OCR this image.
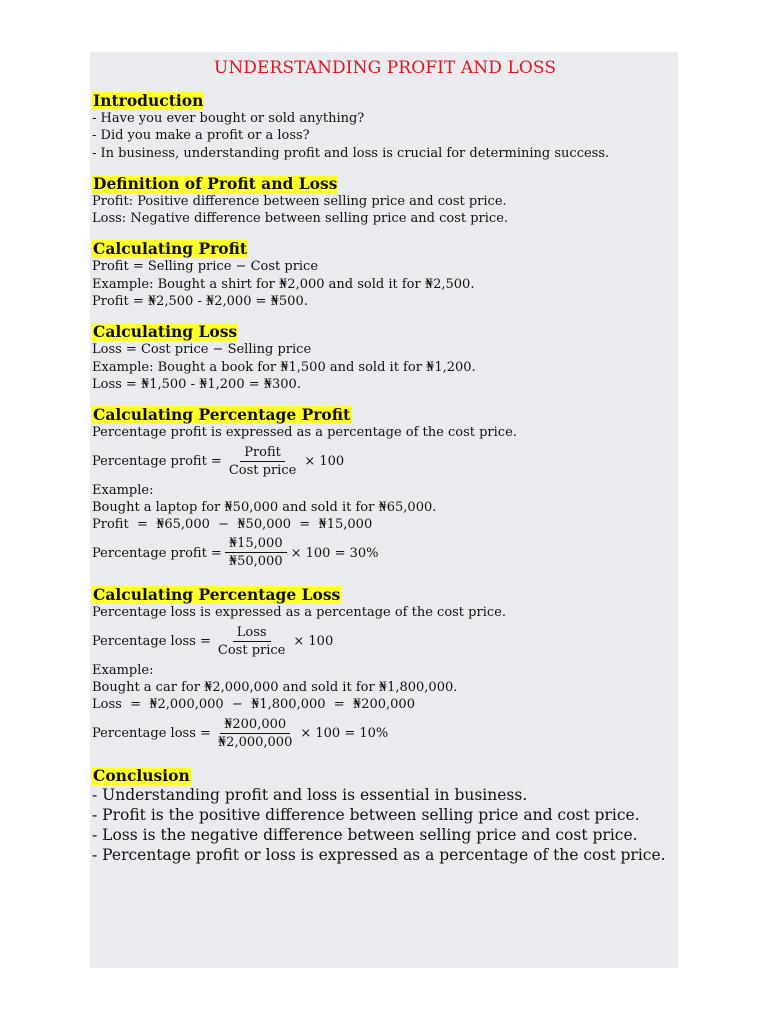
UNDERSTANDING PROFIT AND LOSS
Introduction
- Have you ever bought or sold anything?
- Did you make a profit or a loss?
- In business, understanding profit and loss is crucial for determining success.
Definition of Profit and Loss
Profit: Positive difference between selling price and cost price.
Loss: Negative difference between selling price and cost price.
Calculating Profit
Profit = Selling price − Cost price
Example: Bought a shirt for ₦2,000 and sold it for ₦2,500.
Profit = ₦2,500 - ₦2,000 = ₦500.
Calculating Loss
Loss = Cost price − Selling price
Example: Bought a book for ₦1,500 and sold it for ₦1,200.
Loss = ₦1,500 - ₦1,200 = ₦300.
Calculating Percentage Profit
Percentage profit is expressed as a percentage of the cost price.
Percentage profit = $\frac{\text{Profit}}{\text{Cost price}} \times 100$
Example:
Bought a laptop for ₦50,000 and sold it for ₦65,000.
Profit  =  ₦65,000  −  ₦50,000  =  ₦15,000
Percentage profit = $\frac{₦15,000}{₦50,000} \times 100 = 30\%$
Calculating Percentage Loss
Percentage loss is expressed as a percentage of the cost price.
Percentage loss = $\frac{\text{Loss}}{\text{Cost price}} \times 100$
Example:
Bought a car for ₦2,000,000 and sold it for ₦1,800,000.
Loss  =  ₦2,000,000  −  ₦1,800,000  =  ₦200,000
Percentage loss = $\frac{₦200,000}{₦2,000,000} \times 100 = 10\%$
Conclusion
- Understanding profit and loss is essential in business.
- Profit is the positive difference between selling price and cost price.
- Loss is the negative difference between selling price and cost price.
- Percentage profit or loss is expressed as a percentage of the cost price.
